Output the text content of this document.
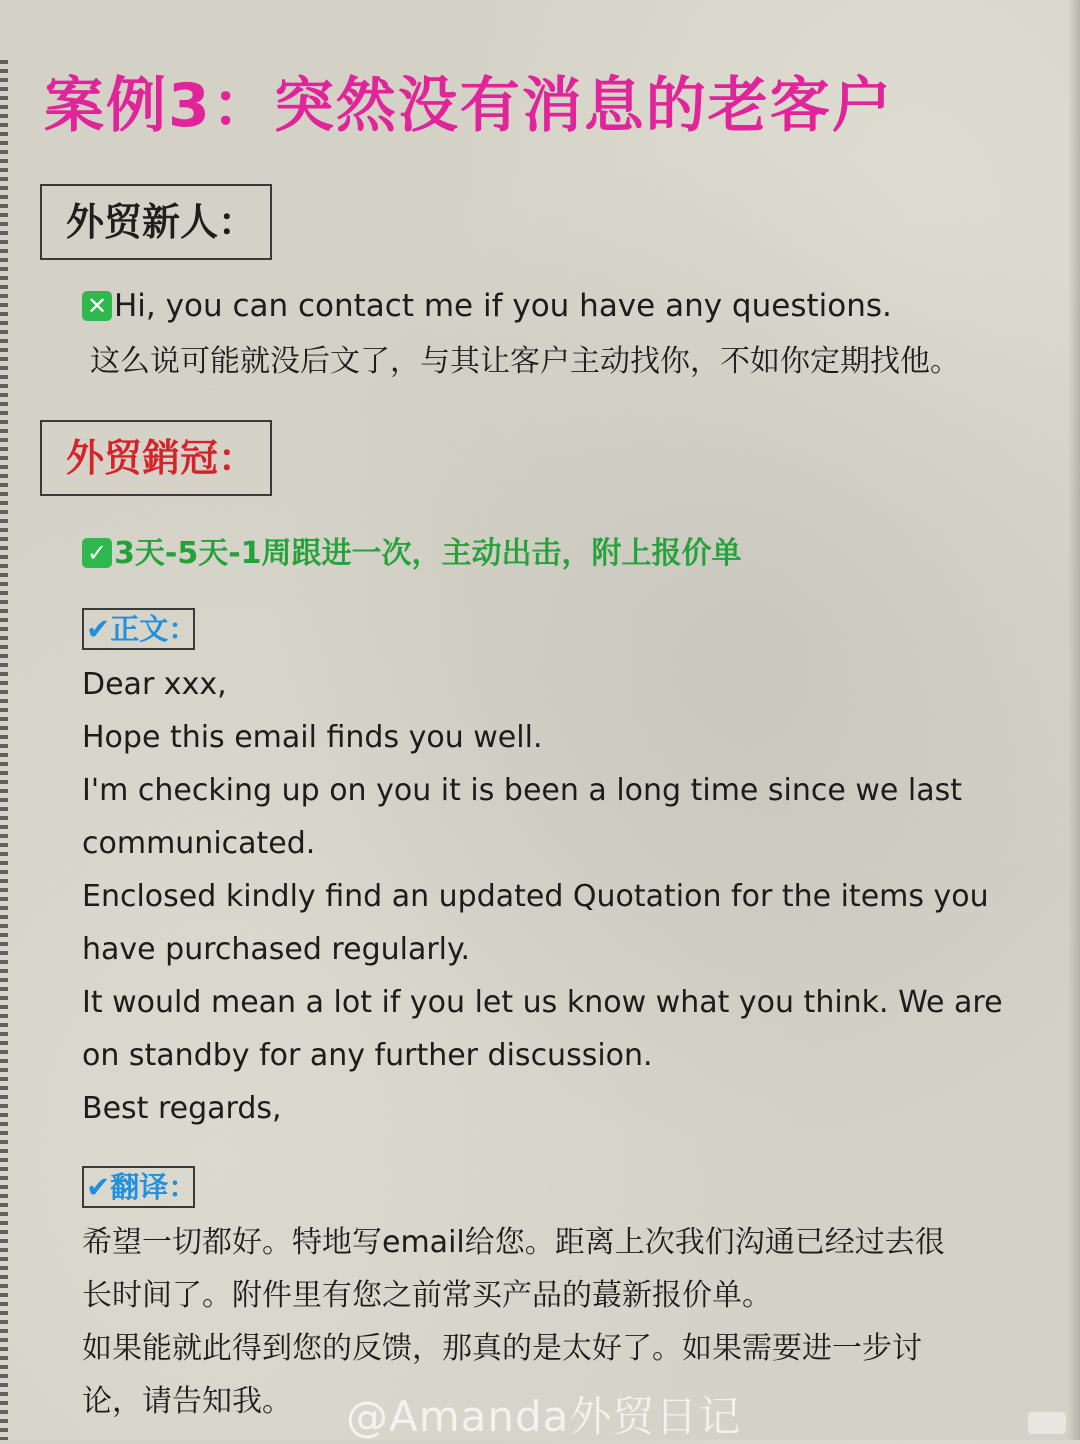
案例3：突然没有消息的老客户
外贸新人：
✕ Hi, you can contact me if you have any questions.
这么说可能就没后文了，与其让客户主动找你，不如你定期找他。
外贸銷冠：
✓ 3天-5天-1周跟进一次，主动出击，附上报价单
✔正文：
Dear xxx,
Hope this email finds you well.
I'm checking up on you it is been a long time since we last
communicated.
Enclosed kindly find an updated Quotation for the items you
have purchased regularly.
It would mean a lot if you let us know what you think. We are
on standby for any further discussion.
Best regards,
✔翻译：
希望一切都好。特地写email给您。距离上次我们沟通已经过去很
长时间了。附件里有您之前常买产品的蕞新报价单。
如果能就此得到您的反馈，那真的是太好了。如果需要进一步讨
论，请告知我。	@Amanda外贸日记
